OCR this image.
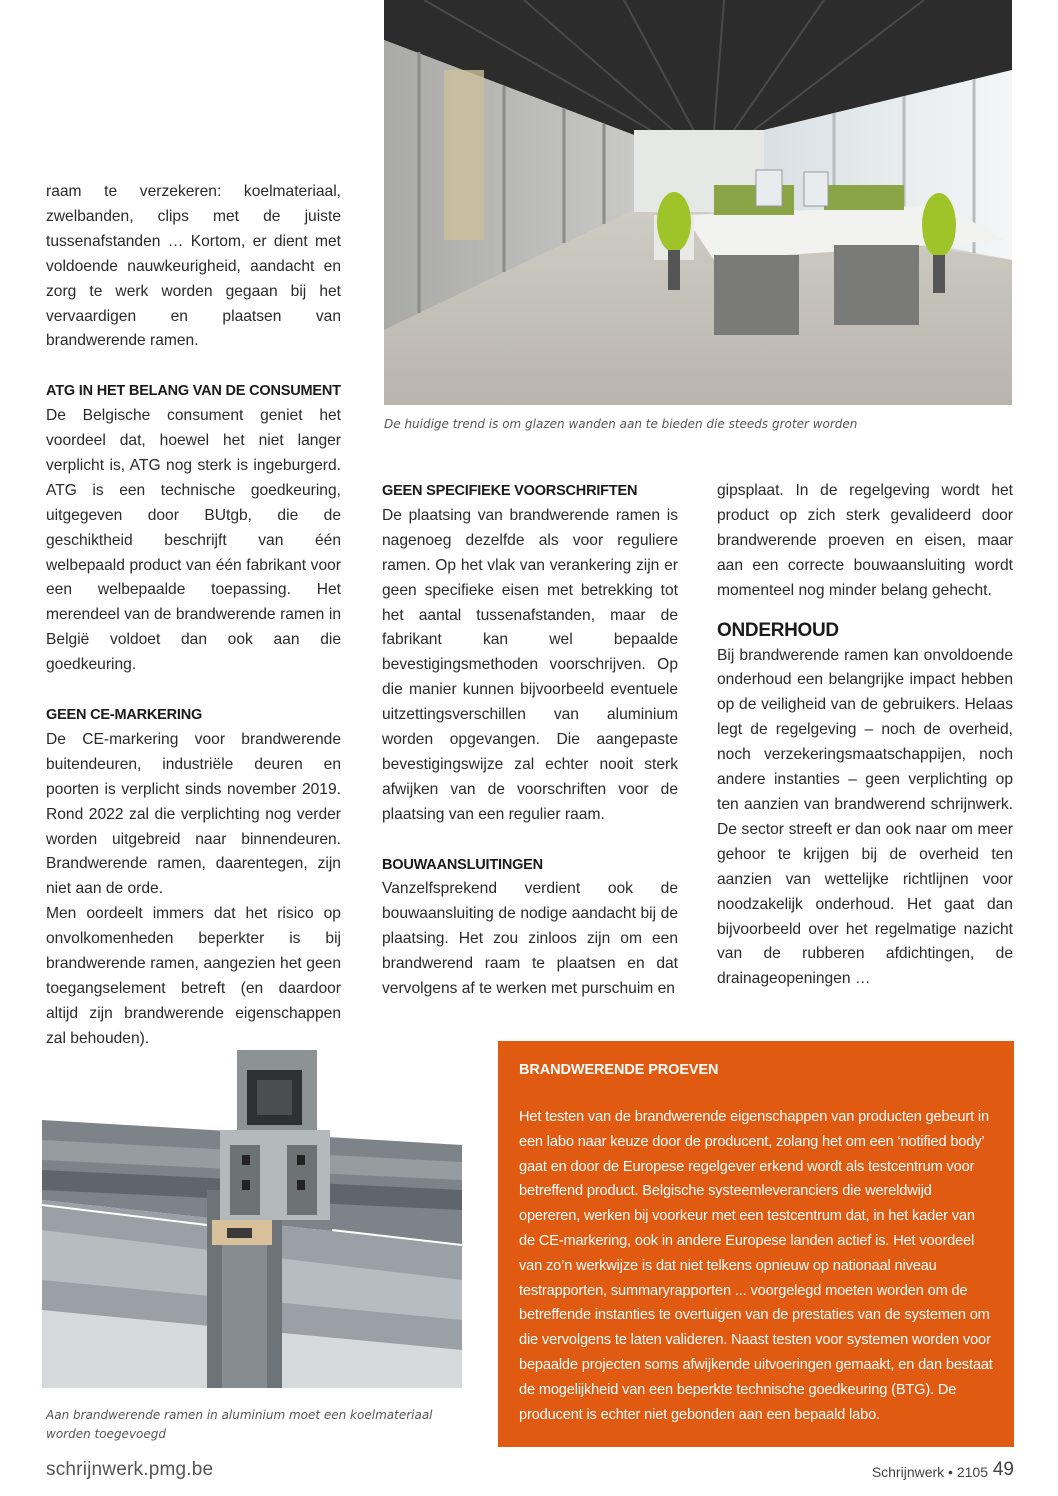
raam te verzekeren: koelmateriaal, zwelbanden, clips met de juiste tussenafstanden … Kortom, er dient met voldoende nauwkeurigheid, aandacht en zorg te werk worden gegaan bij het vervaardigen en plaatsen van brandwerende ramen.

ATG IN HET BELANG VAN DE CONSUMENT

De Belgische consument geniet het voordeel dat, hoewel het niet langer verplicht is, ATG nog sterk is ingeburgerd. ATG is een technische goedkeuring, uitgegeven door BUtgb, die de geschiktheid beschrijft van één welbepaald product van één fabrikant voor een welbepaalde toepassing. Het merendeel van de brandwerende ramen in België voldoet dan ook aan die goedkeuring.

GEEN CE-MARKERING

De CE-markering voor brandwerende buitendeuren, industriële deuren en poorten is verplicht sinds november 2019. Rond 2022 zal die verplichting nog verder worden uitgebreid naar binnendeuren. Brandwerende ramen, daarentegen, zijn niet aan de orde.

Men oordeelt immers dat het risico op onvolkomenheden beperkter is bij brandwerende ramen, aangezien het geen toegangselement betreft (en daardoor altijd zijn brandwerende eigenschappen zal behouden).

De huidige trend is om glazen wanden aan te bieden die steeds groter worden
GEEN SPECIFIEKE VOORSCHRIFTEN

De plaatsing van brandwerende ramen is nagenoeg dezelfde als voor reguliere ramen. Op het vlak van verankering zijn er geen specifieke eisen met betrekking tot het aantal tussenafstanden, maar de fabrikant kan wel bepaalde bevestigingsmethoden voorschrijven. Op die manier kunnen bijvoorbeeld eventuele uitzettingsverschillen van aluminium worden opgevangen. Die aangepaste bevestigingswijze zal echter nooit sterk afwijken van de voorschriften voor de plaatsing van een regulier raam.

BOUWAANSLUITINGEN

Vanzelfsprekend verdient ook de bouwaansluiting de nodige aandacht bij de plaatsing. Het zou zinloos zijn om een brandwerend raam te plaatsen en dat vervolgens af te werken met purschuim en

gipsplaat. In de regelgeving wordt het product op zich sterk gevalideerd door brandwerende proeven en eisen, maar aan een correcte bouwaansluiting wordt momenteel nog minder belang gehecht.

ONDERHOUD

Bij brandwerende ramen kan onvoldoende onderhoud een belangrijke impact hebben op de veiligheid van de gebruikers. Helaas legt de regelgeving – noch de overheid, noch verzekeringsmaatschappijen, noch andere instanties – geen verplichting op ten aanzien van brandwerend schrijnwerk. De sector streeft er dan ook naar om meer gehoor te krijgen bij de overheid ten aanzien van wettelijke richtlijnen voor noodzakelijk onderhoud. Het gaat dan bijvoorbeeld over het regelmatige nazicht van de rubberen afdichtingen, de drainageopeningen …

Aan brandwerende ramen in aluminium moet een koelmateriaal worden toegevoegd
BRANDWERENDE PROEVEN

Het testen van de brandwerende eigenschappen van producten gebeurt in een labo naar keuze door de producent, zolang het om een ‘notified body’ gaat en door de Europese regelgever erkend wordt als testcentrum voor betreffend product. Belgische systeemleveranciers die wereldwijd opereren, werken bij voorkeur met een testcentrum dat, in het kader van de CE-markering, ook in andere Europese landen actief is. Het voordeel van zo’n werkwijze is dat niet telkens opnieuw op nationaal niveau testrapporten, summaryrapporten ... voorgelegd moeten worden om de betreffende instanties te overtuigen van de prestaties van de systemen om die vervolgens te laten valideren. Naast testen voor systemen worden voor bepaalde projecten soms afwijkende uitvoeringen gemaakt, en dan bestaat de mogelijkheid van een beperkte technische goedkeuring (BTG). De producent is echter niet gebonden aan een bepaald labo.

schrijnwerk.pmg.be	Schrijnwerk • 2105 49
